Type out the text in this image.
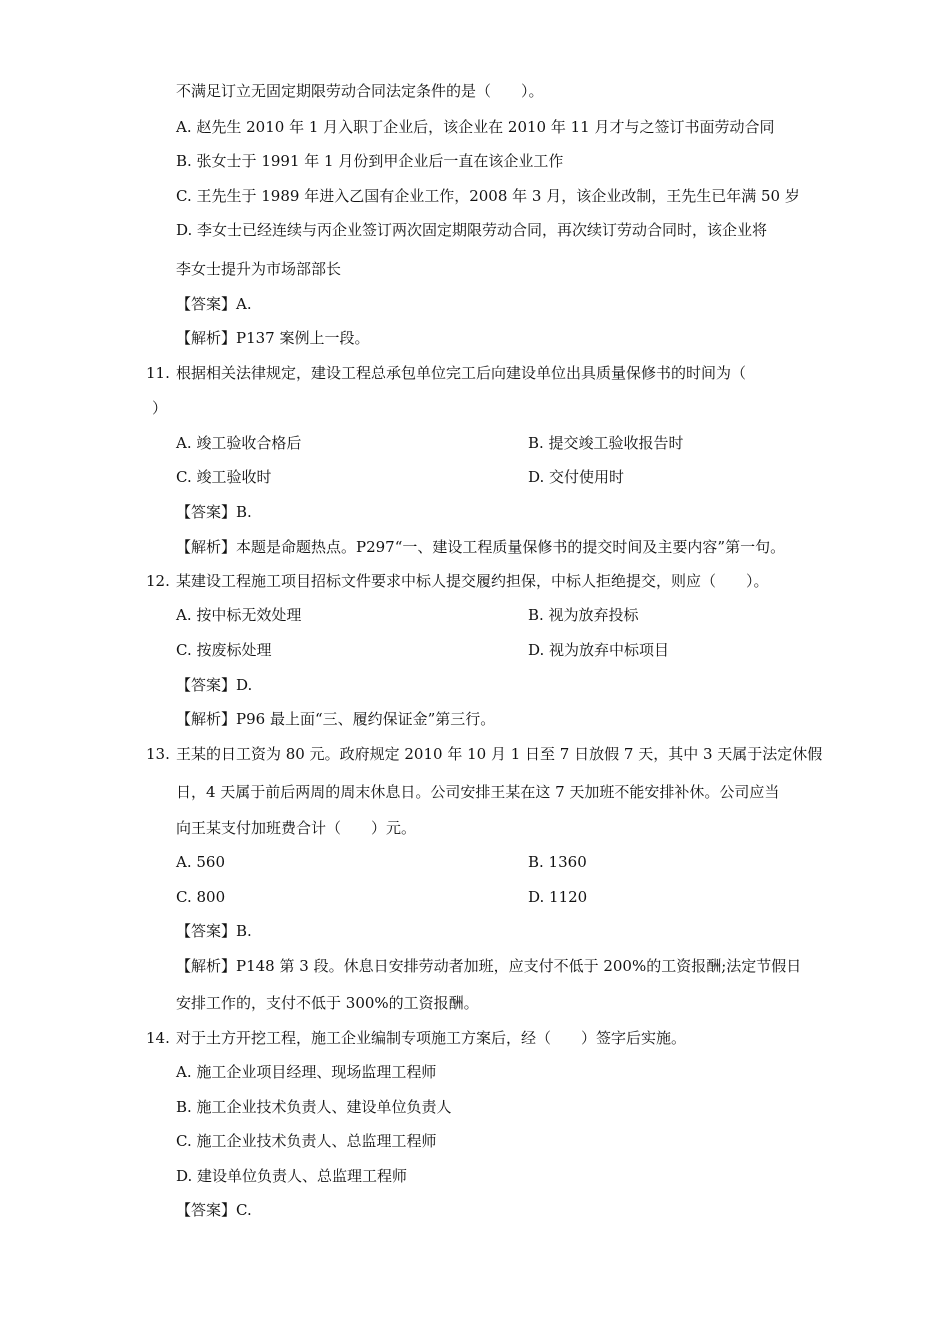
不满足订立无固定期限劳动合同法定条件的是（　　）。
A. 赵先生 2010 年 1 月入职丁企业后，该企业在 2010 年 11 月才与之签订书面劳动合同
B. 张女士于 1991 年 1 月份到甲企业后一直在该企业工作
C. 王先生于 1989 年进入乙国有企业工作，2008 年 3 月，该企业改制，王先生已年满 50 岁
D. 李女士已经连续与丙企业签订两次固定期限劳动合同，再次续订劳动合同时，该企业将
李女士提升为市场部部长
【答案】A.
【解析】P137 案例上一段。
11. 根据相关法律规定，建设工程总承包单位完工后向建设单位出具质量保修书的时间为（
）
A. 竣工验收合格后	B. 提交竣工验收报告时
C. 竣工验收时	D. 交付使用时
【答案】B.
【解析】本题是命题热点。P297“一、建设工程质量保修书的提交时间及主要内容”第一句。
12. 某建设工程施工项目招标文件要求中标人提交履约担保，中标人拒绝提交，则应（　　）。
A. 按中标无效处理	B. 视为放弃投标
C. 按废标处理	D. 视为放弃中标项目
【答案】D.
【解析】P96 最上面“三、履约保证金”第三行。
13. 王某的日工资为 80 元。政府规定 2010 年 10 月 1 日至 7 日放假 7 天，其中 3 天属于法定休假
日，4 天属于前后两周的周末休息日。公司安排王某在这 7 天加班不能安排补休。公司应当
向王某支付加班费合计（　　）元。
A. 560	B. 1360
C. 800	D. 1120
【答案】B.
【解析】P148 第 3 段。休息日安排劳动者加班，应支付不低于 200%的工资报酬;法定节假日
安排工作的，支付不低于 300%的工资报酬。
14. 对于土方开挖工程，施工企业编制专项施工方案后，经（　　）签字后实施。
A. 施工企业项目经理、现场监理工程师
B. 施工企业技术负责人、建设单位负责人
C. 施工企业技术负责人、总监理工程师
D. 建设单位负责人、总监理工程师
【答案】C.
